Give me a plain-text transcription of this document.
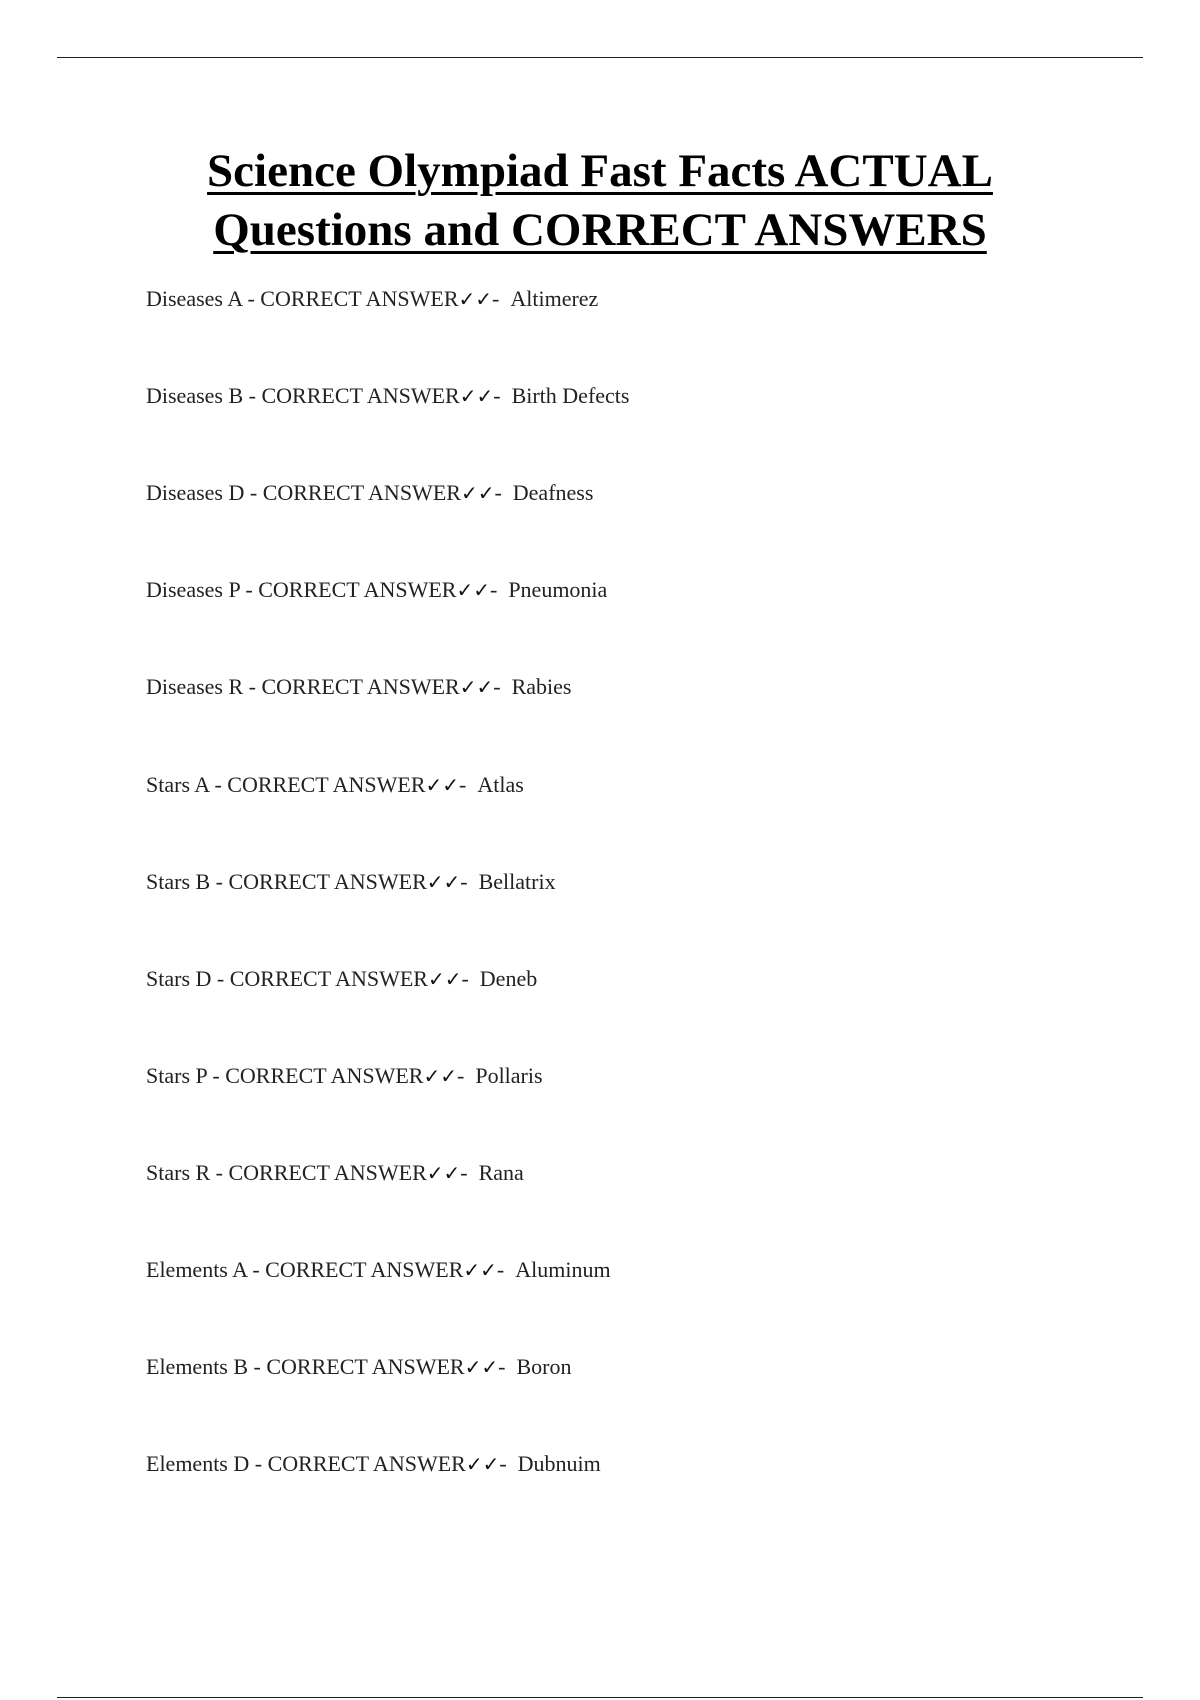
Science Olympiad Fast Facts ACTUAL
Questions and CORRECT ANSWERS
Diseases A - CORRECT ANSWER✓✓- Altimerez
Diseases B - CORRECT ANSWER✓✓- Birth Defects
Diseases D - CORRECT ANSWER✓✓- Deafness
Diseases P - CORRECT ANSWER✓✓- Pneumonia
Diseases R - CORRECT ANSWER✓✓- Rabies
Stars A - CORRECT ANSWER✓✓- Atlas
Stars B - CORRECT ANSWER✓✓- Bellatrix
Stars D - CORRECT ANSWER✓✓- Deneb
Stars P - CORRECT ANSWER✓✓- Pollaris
Stars R - CORRECT ANSWER✓✓- Rana
Elements A - CORRECT ANSWER✓✓- Aluminum
Elements B - CORRECT ANSWER✓✓- Boron
Elements D - CORRECT ANSWER✓✓- Dubnuim
